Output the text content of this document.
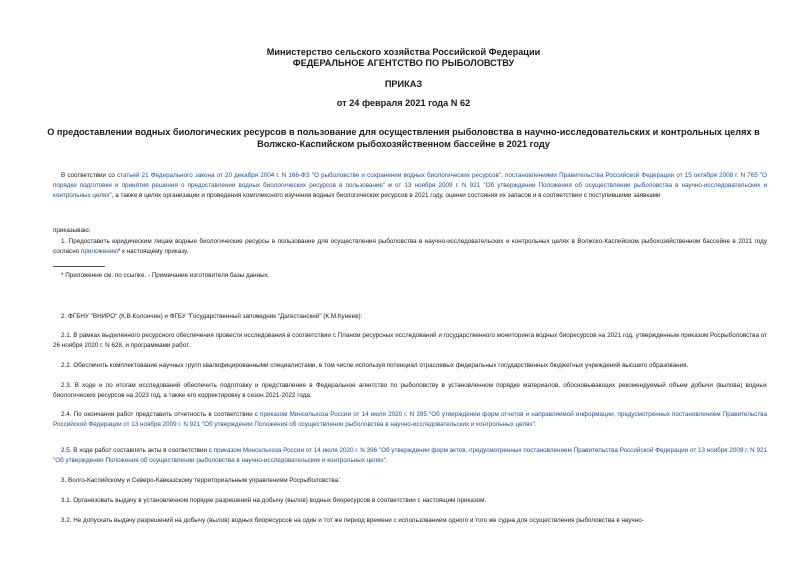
Министерство сельского хозяйства Российской Федерации
ФЕДЕРАЛЬНОЕ АГЕНТСТВО ПО РЫБОЛОВСТВУ
ПРИКАЗ
от 24 февраля 2021 года N 62
О предоставлении водных биологических ресурсов в пользование для осуществления рыболовства в научно-исследовательских и контрольных целях в Волжско-Каспийском рыбохозяйственном бассейне в 2021 году
В соответствии со статьей 21 Федерального закона от 20 декабря 2004 г. N 166-ФЗ "О рыболовстве и сохранении водных биологических ресурсов", постановлениями Правительства Российской Федерации от 15 октября 2008 г. N 765 "О порядке подготовки и принятия решения о предоставлении водных биологических ресурсов в пользование" и от 13 ноября 2009 г. N 921 "Об утверждении Положения об осуществлении рыболовства в научно-исследовательских и контрольных целях", а также в целях организации и проведения комплексного изучения водных биологических ресурсов в 2021 году, оценки состояния их запасов и в соответствии с поступившими заявками
приказываю:
1. Предоставить юридическим лицам водные биологические ресурсы в пользование для осуществления рыболовства в научно-исследовательских и контрольных целях в Волжско-Каспийском рыбохозяйственном бассейне в 2021 году согласно приложению* к настоящему приказу.
* Приложение см. по ссылке. - Примечание изготовителя базы данных.
2. ФГБНУ "ВНИРО" (К.В.Колончин) и ФГБУ "Государственный заповедник "Дагестанский" (К.М.Кунеев):
2.1. В рамках выделенного ресурсного обеспечения провести исследования в соответствии с Планом ресурсных исследований и государственного мониторинга водных биоресурсов на 2021 год, утвержденным приказом Росрыболовства от 26 ноября 2020 г. N 628, и программами работ.
2.2. Обеспечить комплектование научных групп квалифицированными специалистами, в том числе используя потенциал отраслевых федеральных государственных бюджетных учреждений высшего образования.
2.3. В ходе и по итогам исследований обеспечить подготовку и представление в Федеральное агентство по рыболовству в установленном порядке материалов, обосновывающих рекомендуемый объем добычи (вылова) водных биологических ресурсов на 2023 год, а также его корректировку в сезон 2021-2022 года.
2.4. По окончании работ представить отчетность в соответствии с приказом Минсельхоза России от 14 июля 2020 г. N 395 "Об утверждении форм отчетов и направляемой информации, предусмотренных постановлением Правительства Российской Федерации от 13 ноября 2009 г. N 921 "Об утверждении Положения об осуществлении рыболовства в научно-исследовательских и контрольных целях".
2.5. В ходе работ составлять акты в соответствии с приказом Минсельхоза России от 14 июля 2020 г. N 396 "Об утверждении форм актов, предусмотренных постановлением Правительства Российской Федерации от 13 ноября 2009 г. N 921 "Об утверждении Положения об осуществлении рыболовства в научно-исследовательских и контрольных целях".
3. Волго-Каспийскому и Северо-Кавказскому территориальным управлениям Росрыболовства:
3.1. Организовать выдачу в установленном порядке разрешений на добычу (вылов) водных биоресурсов в соответствии с настоящим приказом.
3.2. Не допускать выдачу разрешений на добычу (вылов) водных биоресурсов на один и тот же период времени с использованием одного и того же судна для осуществления рыболовства в научно-
